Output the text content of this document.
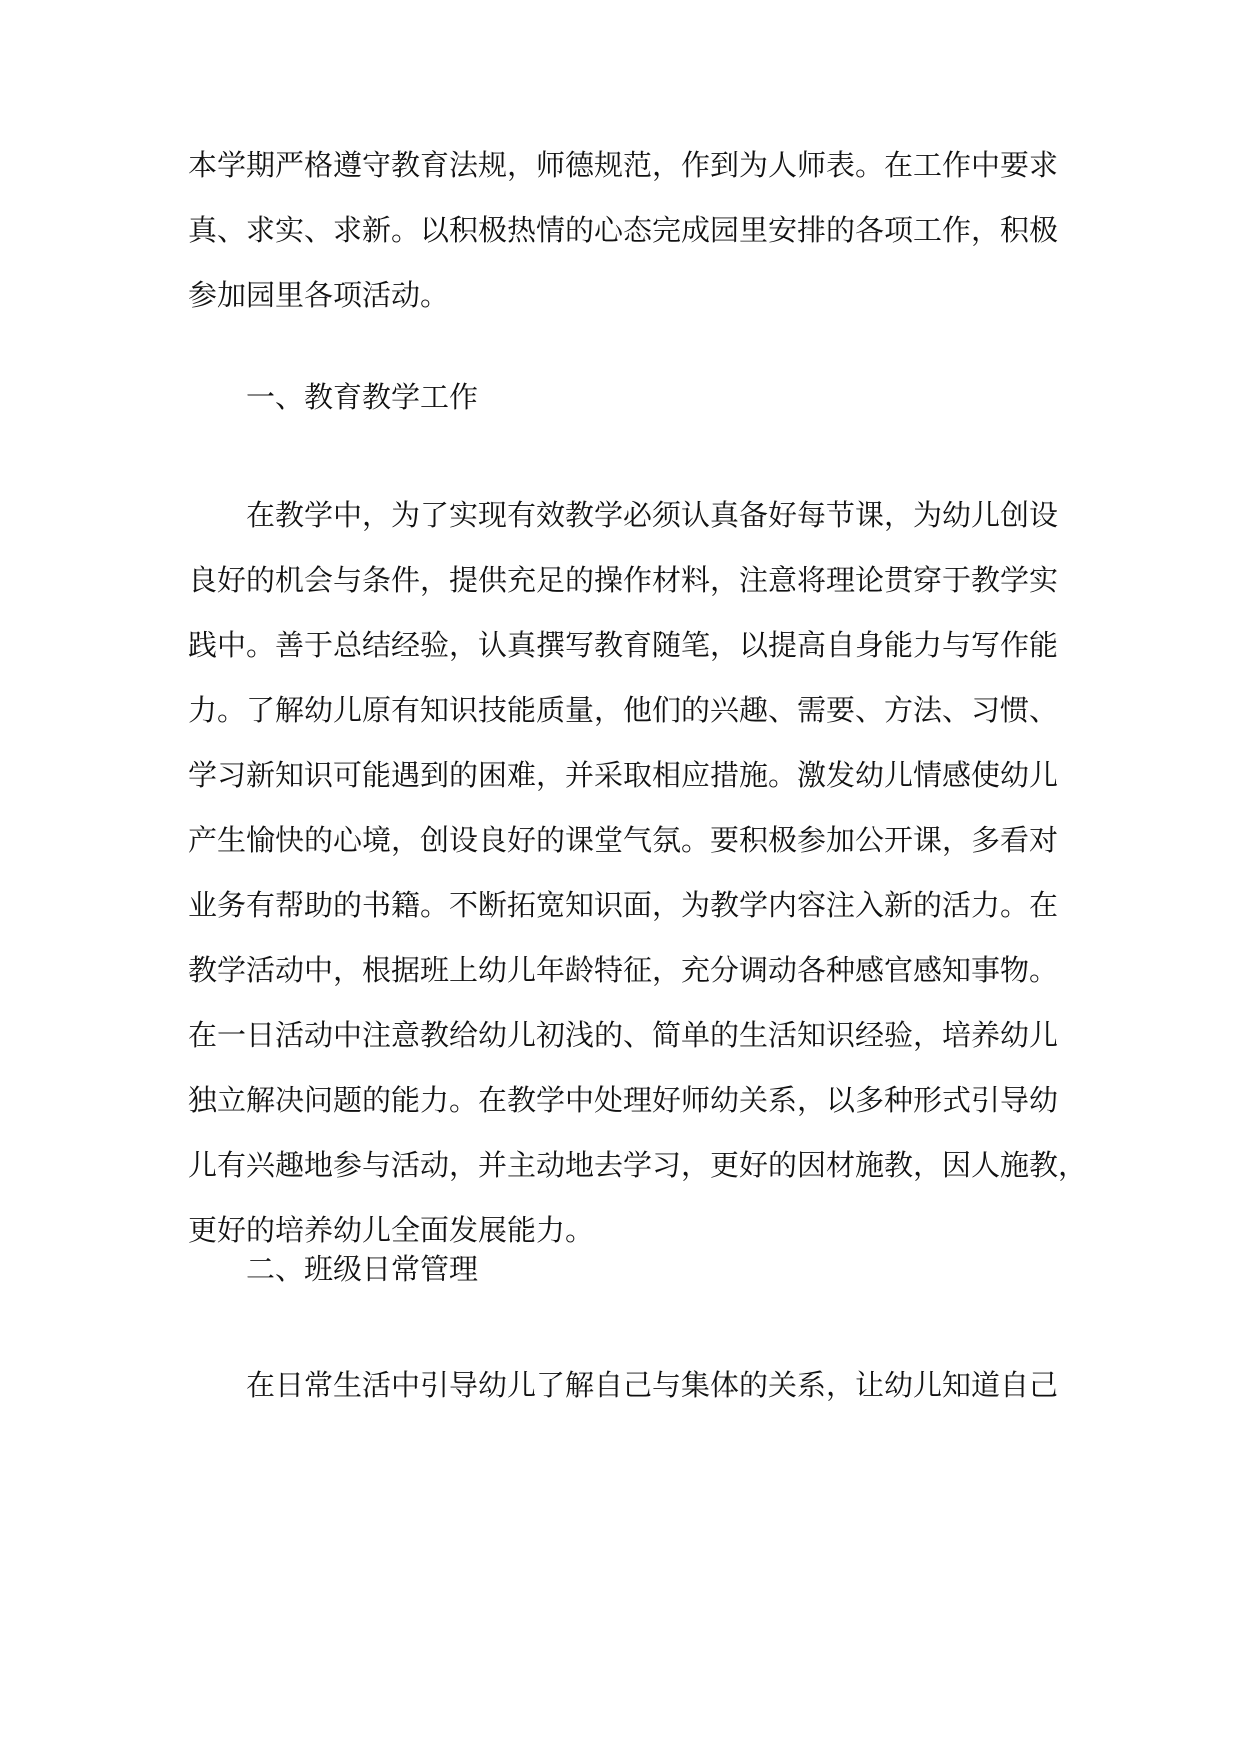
本学期严格遵守教育法规，师德规范，作到为人师表。在工作中要求
真、求实、求新。以积极热情的心态完成园里安排的各项工作，积极
参加园里各项活动。
一、教育教学工作
在教学中，为了实现有效教学必须认真备好每节课，为幼儿创设
良好的机会与条件，提供充足的操作材料，注意将理论贯穿于教学实
践中。善于总结经验，认真撰写教育随笔，以提高自身能力与写作能
力。了解幼儿原有知识技能质量，他们的兴趣、需要、方法、习惯、
学习新知识可能遇到的困难，并采取相应措施。激发幼儿情感使幼儿
产生愉快的心境，创设良好的课堂气氛。要积极参加公开课，多看对
业务有帮助的书籍。不断拓宽知识面，为教学内容注入新的活力。在
教学活动中，根据班上幼儿年龄特征，充分调动各种感官感知事物。
在一日活动中注意教给幼儿初浅的、简单的生活知识经验，培养幼儿
独立解决问题的能力。在教学中处理好师幼关系，以多种形式引导幼
儿有兴趣地参与活动，并主动地去学习，更好的因材施教，因人施教，
更好的培养幼儿全面发展能力。
二、班级日常管理
在日常生活中引导幼儿了解自己与集体的关系，让幼儿知道自己
